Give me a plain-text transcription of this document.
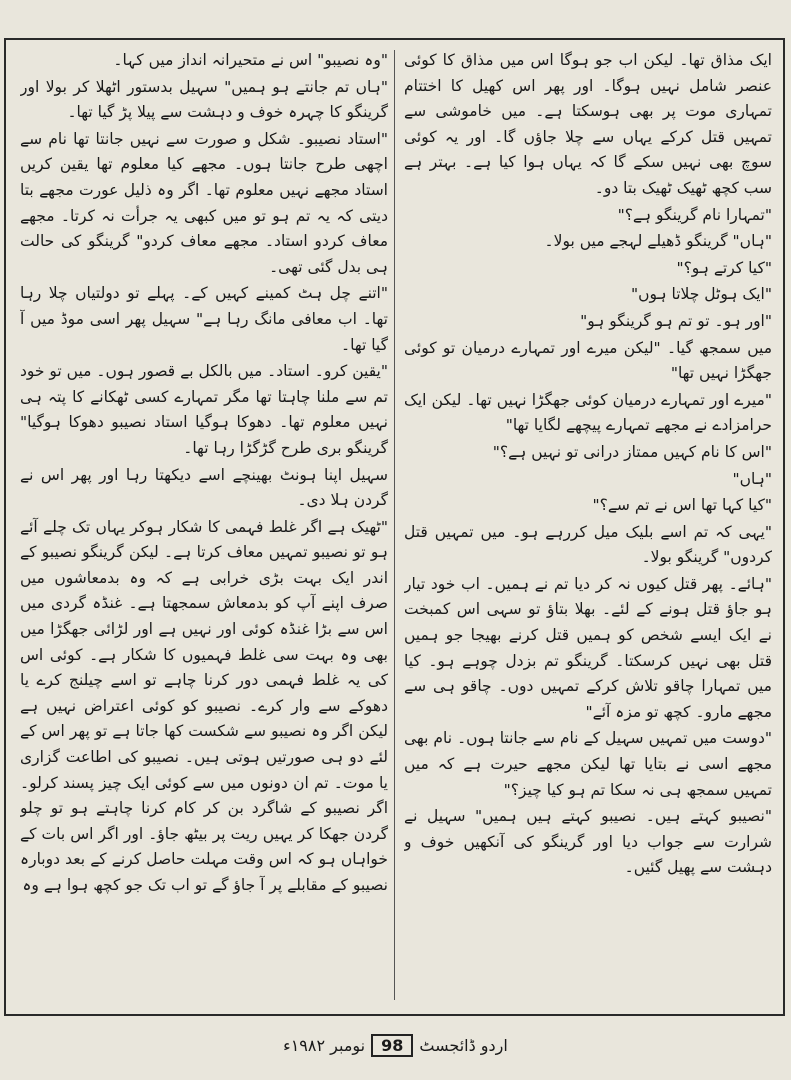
ایک مذاق تھا۔ لیکن اب جو ہوگا اس میں مذاق کا کوئی عنصر شامل نہیں ہوگا۔ اور پھر اس کھیل کا اختتام تمہاری موت پر بھی ہوسکتا ہے۔ میں خاموشی سے تمہیں قتل کرکے یہاں سے چلا جاؤں گا۔ اور یہ کوئی سوچ بھی نہیں سکے گا کہ یہاں ہوا کیا ہے۔ بہتر ہے سب کچھ ٹھیک ٹھیک بتا دو۔

"تمہارا نام گرینگو ہے؟"

"ہاں" گرینگو ڈھیلے لہجے میں بولا۔

"کیا کرتے ہو؟"

"ایک ہوٹل چلاتا ہوں"

"اور ہو۔ تو تم ہو گرینگو ہو"

میں سمجھ گیا۔ "لیکن میرے اور تمہارے درمیان تو کوئی جھگڑا نہیں تھا"

"میرے اور تمہارے درمیان کوئی جھگڑا نہیں تھا۔ لیکن ایک حرامزادے نے مجھے تمہارے پیچھے لگایا تھا"

"اس کا نام کہیں ممتاز درانی تو نہیں ہے؟"

"ہاں"

"کیا کہا تھا اس نے تم سے؟"

"یہی کہ تم اسے بلیک میل کررہے ہو۔ میں تمہیں قتل کردوں" گرینگو بولا۔

"ہائے۔ پھر قتل کیوں نہ کر دیا تم نے ہمیں۔ اب خود تیار ہو جاؤ قتل ہونے کے لئے۔ بھلا بتاؤ تو سہی اس کمبخت نے ایک ایسے شخص کو ہمیں قتل کرنے بھیجا جو ہمیں قتل بھی نہیں کرسکتا۔ گرینگو تم بزدل چوہے ہو۔ کیا میں تمہارا چاقو تلاش کرکے تمہیں دوں۔ چاقو ہی سے مجھے مارو۔ کچھ تو مزہ آئے"

"دوست میں تمہیں سہیل کے نام سے جانتا ہوں۔ نام بھی مجھے اسی نے بتایا تھا لیکن مجھے حیرت ہے کہ میں تمہیں سمجھ ہی نہ سکا تم ہو کیا چیز؟"

"نصیبو کہتے ہیں۔ نصیبو کہتے ہیں ہمیں" سہیل نے شرارت سے جواب دیا اور گرینگو کی آنکھیں خوف و دہشت سے پھیل گئیں۔

"وہ نصیبو" اس نے متحیرانہ انداز میں کہا۔

"ہاں تم جانتے ہو ہمیں" سہیل بدستور اٹھلا کر بولا اور گرینگو کا چہرہ خوف و دہشت سے پیلا پڑ گیا تھا۔

"استاد نصیبو۔ شکل و صورت سے نہیں جانتا تھا نام سے اچھی طرح جانتا ہوں۔ مجھے کیا معلوم تھا یقین کریں استاد مجھے نہیں معلوم تھا۔ اگر وہ ذلیل عورت مجھے بتا دیتی کہ یہ تم ہو تو میں کبھی یہ جرأت نہ کرتا۔ مجھے معاف کردو استاد۔ مجھے معاف کردو" گرینگو کی حالت ہی بدل گئی تھی۔

"اتنے چل ہٹ کمینے کہیں کے۔ پہلے تو دولتیاں چلا رہا تھا۔ اب معافی مانگ رہا ہے" سہیل پھر اسی موڈ میں آ گیا تھا۔

"یقین کرو۔ استاد۔ میں بالکل بے قصور ہوں۔ میں تو خود تم سے ملنا چاہتا تھا مگر تمہارے کسی ٹھکانے کا پتہ ہی نہیں معلوم تھا۔ دھوکا ہوگیا استاد نصیبو دھوکا ہوگیا" گرینگو بری طرح گڑگڑا رہا تھا۔

سہیل اپنا ہونٹ بھینچے اسے دیکھتا رہا اور پھر اس نے گردن ہلا دی۔

"ٹھیک ہے اگر غلط فہمی کا شکار ہوکر یہاں تک چلے آئے ہو تو نصیبو تمہیں معاف کرتا ہے۔ لیکن گرینگو نصیبو کے اندر ایک بہت بڑی خرابی ہے کہ وہ بدمعاشوں میں صرف اپنے آپ کو بدمعاش سمجھتا ہے۔ غنڈہ گردی میں اس سے بڑا غنڈہ کوئی اور نہیں ہے اور لڑائی جھگڑا میں بھی وہ بہت سی غلط فہمیوں کا شکار ہے۔ کوئی اس کی یہ غلط فہمی دور کرنا چاہے تو اسے چیلنج کرے یا دھوکے سے وار کرے۔ نصیبو کو کوئی اعتراض نہیں ہے لیکن اگر وہ نصیبو سے شکست کھا جاتا ہے تو پھر اس کے لئے دو ہی صورتیں ہوتی ہیں۔ نصیبو کی اطاعت گزاری یا موت۔ تم ان دونوں میں سے کوئی ایک چیز پسند کرلو۔ اگر نصیبو کے شاگرد بن کر کام کرنا چاہتے ہو تو چلو گردن جھکا کر یہیں ریت پر بیٹھ جاؤ۔ اور اگر اس بات کے خواہاں ہو کہ اس وقت مہلت حاصل کرنے کے بعد دوبارہ نصیبو کے مقابلے پر آ جاؤ گے تو اب تک جو کچھ ہوا ہے وہ

اردو ڈائجسٹ
98
نومبر ۱۹۸۲ء
